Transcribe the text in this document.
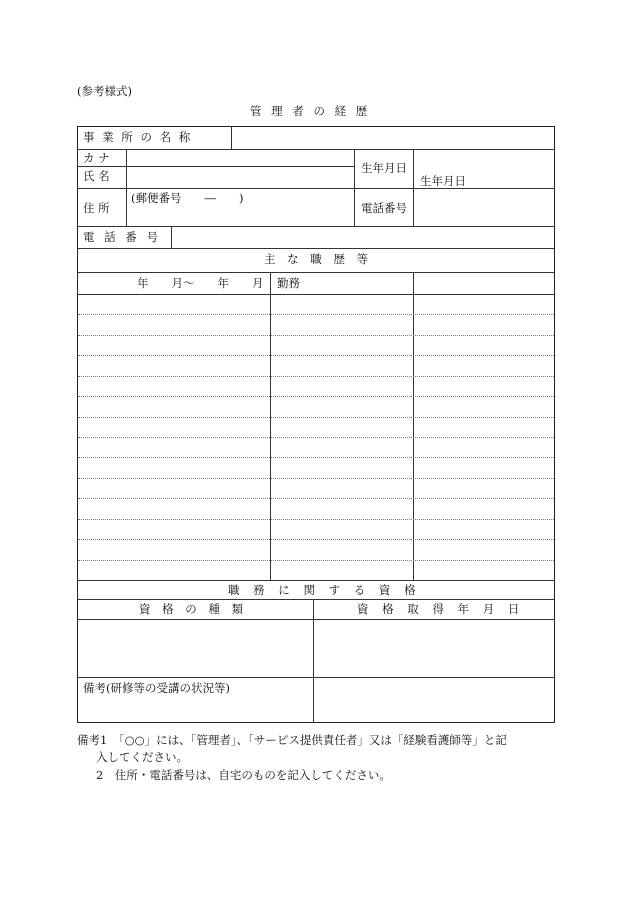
(参考様式)
管 理 者 の 経 歴
事 業 所 の 名 称
カ ナ
氏 名
生年月日
生年月日
住 所
(郵便番号　　―　　)
電話番号
電 話 番 号
主 な 職 歴 等
年　　月～　　年　　月 勤務
職 務 に 関 す る 資 格
資 格 の 種 類	資 格 取 得 年 月 日
備考(研修等の受講の状況等)
備考1　「○○」には、「管理者」、「サービス提供責任者」又は「経験看護師等」と記
入してください。
2　住所・電話番号は、自宅のものを記入してください。
